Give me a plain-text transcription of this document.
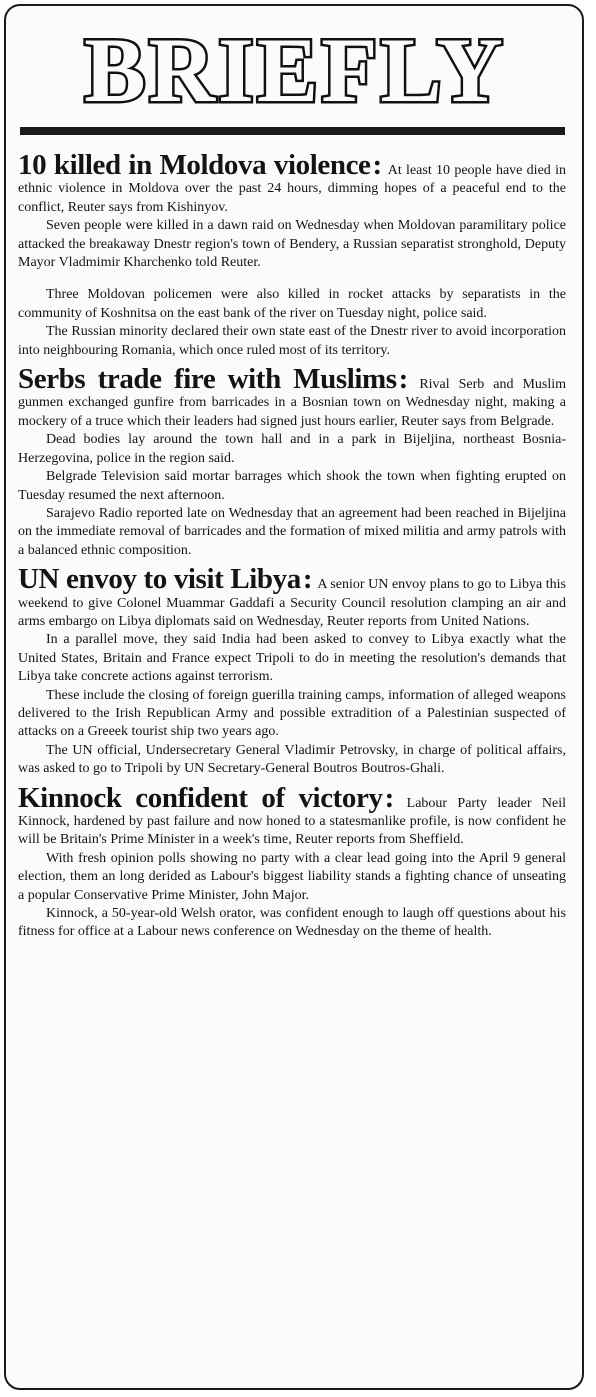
BRIEFLY

10 killed in Moldova violence: At least 10 people have died in ethnic violence in Moldova over the past 24 hours, dimming hopes of a peaceful end to the conflict, Reuter says from Kishinyov.

Seven people were killed in a dawn raid on Wednesday when Moldovan paramilitary police attacked the breakaway Dnestr region's town of Bendery, a Russian separatist stronghold, Deputy Mayor Vladmimir Kharchenko told Reuter.

Three Moldovan policemen were also killed in rocket attacks by separatists in the community of Koshnitsa on the east bank of the river on Tuesday night, police said.

The Russian minority declared their own state east of the Dnestr river to avoid incorporation into neighbouring Romania, which once ruled most of its territory.

Serbs trade fire with Muslims: Rival Serb and Muslim gunmen exchanged gunfire from barricades in a Bosnian town on Wednesday night, making a mockery of a truce which their leaders had signed just hours earlier, Reuter says from Belgrade.

Dead bodies lay around the town hall and in a park in Bijeljina, northeast Bosnia-Herzegovina, police in the region said.

Belgrade Television said mortar barrages which shook the town when fighting erupted on Tuesday resumed the next afternoon.

Sarajevo Radio reported late on Wednesday that an agreement had been reached in Bijeljina on the immediate removal of barricades and the formation of mixed militia and army patrols with a balanced ethnic composition.

UN envoy to visit Libya: A senior UN envoy plans to go to Libya this weekend to give Colonel Muammar Gaddafi a Security Council resolution clamping an air and arms embargo on Libya diplomats said on Wednesday, Reuter reports from United Nations.

In a parallel move, they said India had been asked to convey to Libya exactly what the United States, Britain and France expect Tripoli to do in meeting the resolution's demands that Libya take concrete actions against terrorism.

These include the closing of foreign guerilla training camps, information of alleged weapons delivered to the Irish Republican Army and possible extradition of a Palestinian suspected of attacks on a Greeek tourist ship two years ago.

The UN official, Undersecretary General Vladimir Petrovsky, in charge of political affairs, was asked to go to Tripoli by UN Secretary-General Boutros Boutros-Ghali.

Kinnock confident of victory: Labour Party leader Neil Kinnock, hardened by past failure and now honed to a statesmanlike profile, is now confident he will be Britain's Prime Minister in a week's time, Reuter reports from Sheffield.

With fresh opinion polls showing no party with a clear lead going into the April 9 general election, them an long derided as Labour's biggest liability stands a fighting chance of unseating a popular Conservative Prime Minister, John Major.

Kinnock, a 50-year-old Welsh orator, was confident enough to laugh off questions about his fitness for office at a Labour news conference on Wednesday on the theme of health.
